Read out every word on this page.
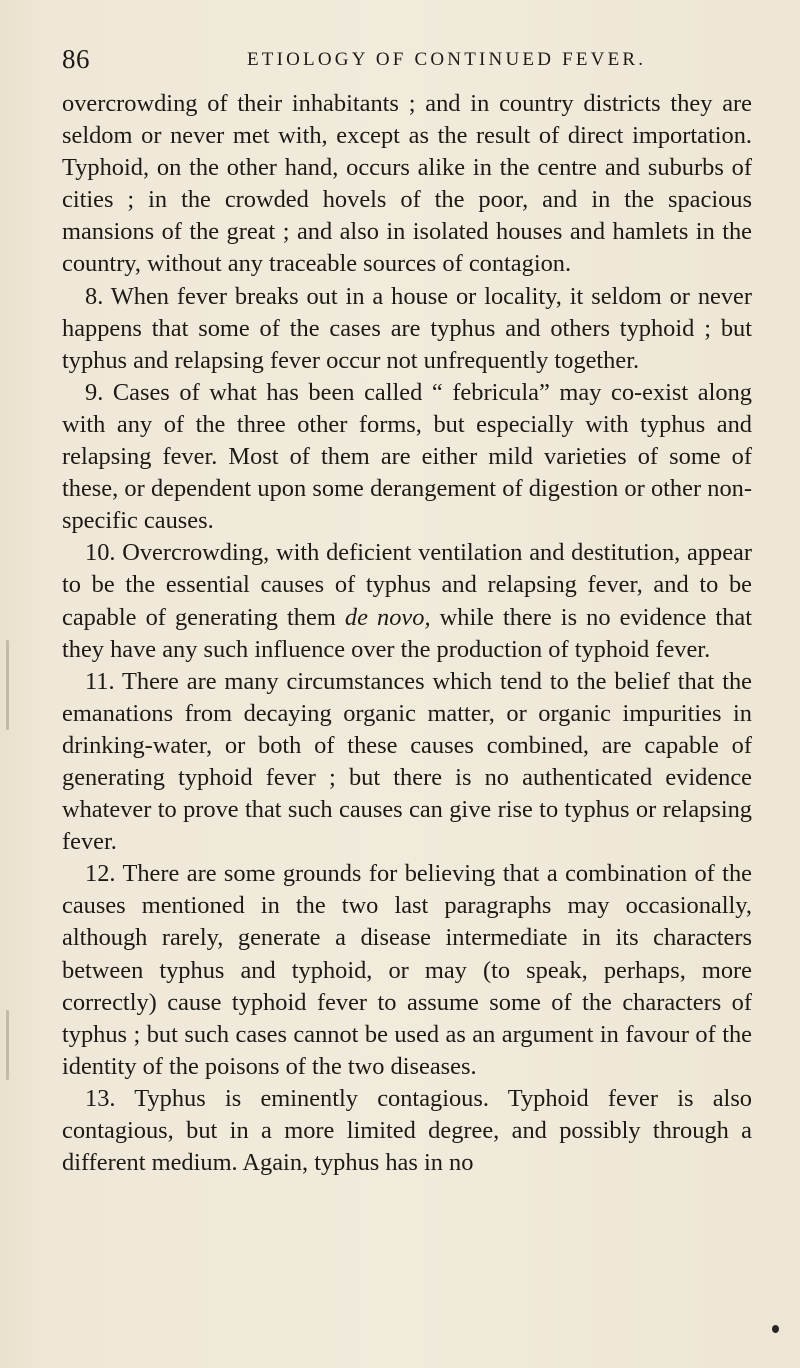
86	ETIOLOGY OF CONTINUED FEVER.

overcrowding of their inhabitants ; and in country districts they are seldom or never met with, except as the result of direct importation. Typhoid, on the other hand, occurs alike in the centre and suburbs of cities ; in the crowded hovels of the poor, and in the spacious mansions of the great ; and also in isolated houses and hamlets in the country, without any traceable sources of contagion.

8. When fever breaks out in a house or locality, it seldom or never happens that some of the cases are typhus and others typhoid ; but typhus and relapsing fever occur not unfrequently together.

9. Cases of what has been called “ febricula” may co-exist along with any of the three other forms, but especially with typhus and relapsing fever. Most of them are either mild varieties of some of these, or dependent upon some derangement of digestion or other non-specific causes.

10. Overcrowding, with deficient ventilation and destitution, appear to be the essential causes of typhus and relapsing fever, and to be capable of generating them de novo, while there is no evidence that they have any such influence over the production of typhoid fever.

11. There are many circumstances which tend to the belief that the emanations from decaying organic matter, or organic impurities in drinking-water, or both of these causes combined, are capable of generating typhoid fever ; but there is no authenticated evidence whatever to prove that such causes can give rise to typhus or relapsing fever.

12. There are some grounds for believing that a combination of the causes mentioned in the two last paragraphs may occasionally, although rarely, generate a disease intermediate in its characters between typhus and typhoid, or may (to speak, perhaps, more correctly) cause typhoid fever to assume some of the characters of typhus ; but such cases cannot be used as an argument in favour of the identity of the poisons of the two diseases.

13. Typhus is eminently contagious. Typhoid fever is also contagious, but in a more limited degree, and possibly through a different medium. Again, typhus has in no
